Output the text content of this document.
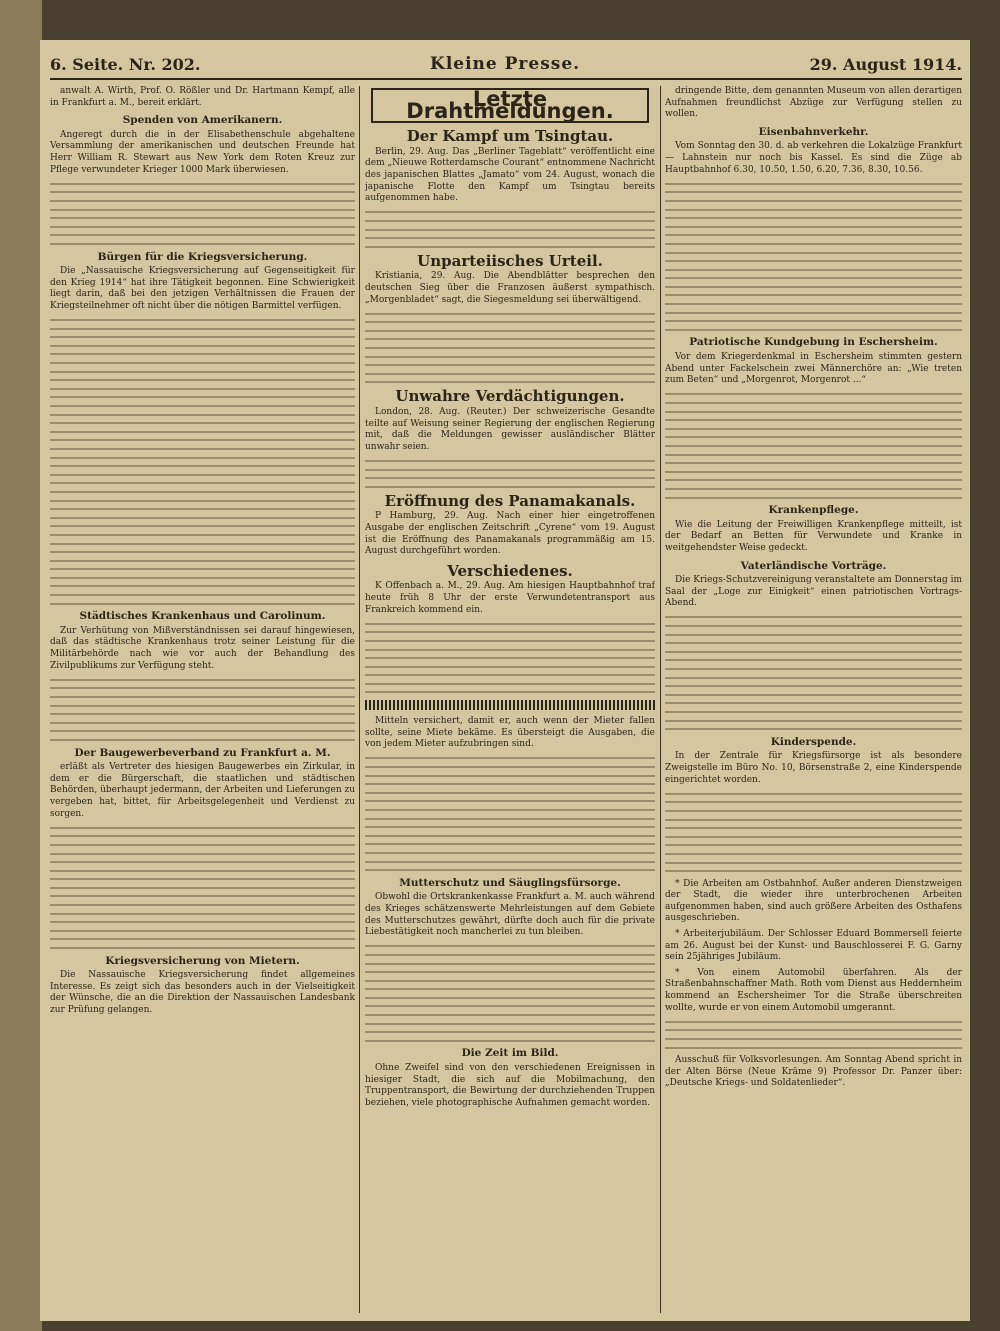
6. Seite. Nr. 202.	Kleine Presse.	29. August 1914.

anwalt A. Wirth, Prof. O. Rößler und Dr. Hartmann Kempf, alle in Frankfurt a. M., bereit erklärt.

Spenden von Amerikanern.

Angeregt durch die in der Elisabethenschule abgehaltene Versammlung der amerikanischen und deutschen Freunde hat Herr William R. Stewart aus New York dem Roten Kreuz zur Pflege verwundeter Krieger 1000 Mark überwiesen.

Bürgen für die Kriegsversicherung.

Die „Nassauische Kriegsversicherung auf Gegenseitigkeit für den Krieg 1914“ hat ihre Tätigkeit begonnen. Eine Schwierigkeit liegt darin, daß bei den jetzigen Verhältnissen die Frauen der Kriegsteilnehmer oft nicht über die nötigen Barmittel verfügen.

Städtisches Krankenhaus und Carolinum.

Zur Verhütung von Mißverständnissen sei darauf hingewiesen, daß das städtische Krankenhaus trotz seiner Leistung für die Militärbehörde nach wie vor auch der Behandlung des Zivilpublikums zur Verfügung steht.

Der Baugewerbeverband zu Frankfurt a. M.

erläßt als Vertreter des hiesigen Baugewerbes ein Zirkular, in dem er die Bürgerschaft, die staatlichen und städtischen Behörden, überhaupt jedermann, der Arbeiten und Lieferungen zu vergeben hat, bittet, für Arbeitsgelegenheit und Verdienst zu sorgen.

Kriegsversicherung von Mietern.

Die Nassauische Kriegsversicherung findet allgemeines Interesse. Es zeigt sich das besonders auch in der Vielseitigkeit der Wünsche, die an die Direktion der Nassauischen Landesbank zur Prüfung gelangen.

Letzte Drahtmeldungen.
Der Kampf um Tsingtau.

Berlin, 29. Aug. Das „Berliner Tageblatt“ veröffentlicht eine dem „Nieuwe Rotterdamsche Courant“ entnommene Nachricht des japanischen Blattes „Jamato“ vom 24. August, wonach die japanische Flotte den Kampf um Tsingtau bereits aufgenommen habe.

Unparteiisches Urteil.

Kristiania, 29. Aug. Die Abendblätter besprechen den deutschen Sieg über die Franzosen äußerst sympathisch. „Morgenbladet“ sagt, die Siegesmeldung sei überwältigend.

Unwahre Verdächtigungen.

London, 28. Aug. (Reuter.) Der schweizerische Gesandte teilte auf Weisung seiner Regierung der englischen Regierung mit, daß die Meldungen gewisser ausländischer Blätter unwahr seien.

Eröffnung des Panamakanals.

P Hamburg, 29. Aug. Nach einer hier eingetroffenen Ausgabe der englischen Zeitschrift „Cyrene“ vom 19. August ist die Eröffnung des Panamakanals programmäßig am 15. August durchgeführt worden.

Verschiedenes.

K Offenbach a. M., 29. Aug. Am hiesigen Hauptbahnhof traf heute früh 8 Uhr der erste Verwundetentransport aus Frankreich kommend ein.

Mitteln versichert, damit er, auch wenn der Mieter fallen sollte, seine Miete bekäme. Es übersteigt die Ausgaben, die von jedem Mieter aufzubringen sind.

Mutterschutz und Säuglingsfürsorge.

Obwohl die Ortskrankenkasse Frankfurt a. M. auch während des Krieges schätzenswerte Mehrleistungen auf dem Gebiete des Mutterschutzes gewährt, dürfte doch auch für die private Liebestätigkeit noch mancherlei zu tun bleiben.

Die Zeit im Bild.

Ohne Zweifel sind von den verschiedenen Ereignissen in hiesiger Stadt, die sich auf die Mobilmachung, den Truppentransport, die Bewirtung der durchziehenden Truppen beziehen, viele photographische Aufnahmen gemacht worden.

dringende Bitte, dem genannten Museum von allen derartigen Aufnahmen freundlichst Abzüge zur Verfügung stellen zu wollen.

Eisenbahnverkehr.

Vom Sonntag den 30. d. ab verkehren die Lokalzüge Frankfurt — Lahnstein nur noch bis Kassel. Es sind die Züge ab Hauptbahnhof 6.30, 10.50, 1.50, 6.20, 7.36, 8.30, 10.56.

Patriotische Kundgebung in Eschersheim.

Vor dem Kriegerdenkmal in Eschersheim stimmten gestern Abend unter Fackelschein zwei Männerchöre an: „Wie treten zum Beten“ und „Morgenrot, Morgenrot ...“

Krankenpflege.

Wie die Leitung der Freiwilligen Krankenpflege mitteilt, ist der Bedarf an Betten für Verwundete und Kranke in weitgehendster Weise gedeckt.

Vaterländische Vorträge.

Die Kriegs-Schutzvereinigung veranstaltete am Donnerstag im Saal der „Loge zur Einigkeit“ einen patriotischen Vortrags-Abend.

Kinderspende.

In der Zentrale für Kriegsfürsorge ist als besondere Zweigstelle im Büro No. 10, Börsenstraße 2, eine Kinderspende eingerichtet worden.

* Die Arbeiten am Ostbahnhof. Außer anderen Dienstzweigen der Stadt, die wieder ihre unterbrochenen Arbeiten aufgenommen haben, sind auch größere Arbeiten des Osthafens ausgeschrieben.

* Arbeiterjubiläum. Der Schlosser Eduard Bommersell feierte am 26. August bei der Kunst- und Bauschlosserei F. G. Garny sein 25jähriges Jubiläum.

* Von einem Automobil überfahren. Als der Straßenbahnschaffner Math. Roth vom Dienst aus Heddernheim kommend an Eschersheimer Tor die Straße überschreiten wollte, wurde er von einem Automobil umgerannt.

Ausschuß für Volksvorlesungen. Am Sonntag Abend spricht in der Alten Börse (Neue Kräme 9) Professor Dr. Panzer über: „Deutsche Kriegs- und Soldatenlieder“.
